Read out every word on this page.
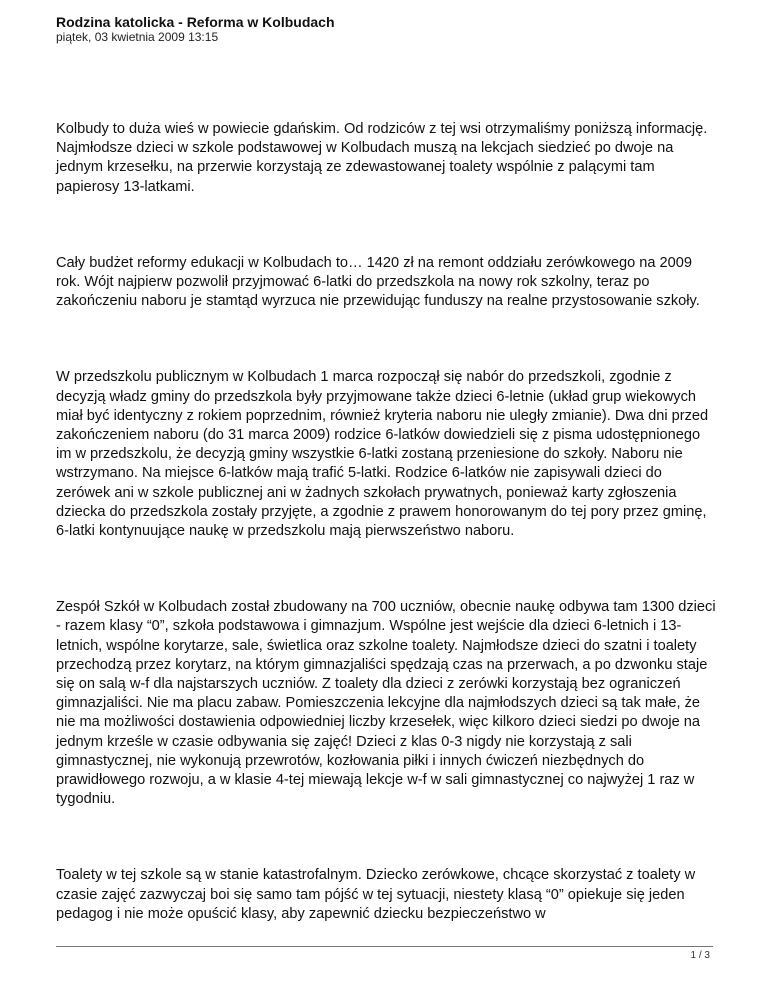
Rodzina katolicka - Reforma w Kolbudach

piątek, 03 kwietnia 2009 13:15

Kolbudy to duża wieś w powiecie gdańskim. Od rodziców z tej wsi otrzymaliśmy poniższą informację. Najmłodsze dzieci w szkole podstawowej w Kolbudach muszą na lekcjach siedzieć po dwoje na jednym krzesełku, na przerwie korzystają ze zdewastowanej toalety wspólnie z palącymi tam papierosy 13-latkami.

Cały budżet reformy edukacji w Kolbudach to… 1420 zł na remont oddziału zerówkowego na 2009 rok. Wójt najpierw pozwolił przyjmować 6-latki do przedszkola na nowy rok szkolny, teraz po zakończeniu naboru je stamtąd wyrzuca nie przewidując funduszy na realne przystosowanie szkoły.

W przedszkolu publicznym w Kolbudach 1 marca rozpoczął się nabór do przedszkoli, zgodnie z decyzją władz gminy do przedszkola były przyjmowane także dzieci 6-letnie (układ grup wiekowych miał być identyczny z rokiem poprzednim, również kryteria naboru nie uległy zmianie). Dwa dni przed zakończeniem naboru (do 31 marca 2009) rodzice 6-latków dowiedzieli się z pisma udostępnionego im w przedszkolu, że decyzją gminy wszystkie 6-latki zostaną przeniesione do szkoły. Naboru nie wstrzymano. Na miejsce 6-latków mają trafić 5-latki. Rodzice 6-latków nie zapisywali dzieci do zerówek ani w szkole publicznej ani w żadnych szkołach prywatnych, ponieważ karty zgłoszenia dziecka do przedszkola zostały przyjęte, a zgodnie z prawem honorowanym do tej pory przez gminę, 6-latki kontynuujące naukę w przedszkolu mają pierwszeństwo naboru.

Zespół Szkół w Kolbudach został zbudowany na 700 uczniów, obecnie naukę odbywa tam 1300 dzieci - razem klasy “0”, szkoła podstawowa i gimnazjum. Wspólne jest wejście dla dzieci 6-letnich i 13-letnich, wspólne korytarze, sale, świetlica oraz szkolne toalety. Najmłodsze dzieci do szatni i toalety przechodzą przez korytarz, na którym gimnazjaliści spędzają czas na przerwach, a po dzwonku staje się on salą w-f dla najstarszych uczniów. Z toalety dla dzieci z zerówki korzystają bez ograniczeń gimnazjaliści. Nie ma placu zabaw. Pomieszczenia lekcyjne dla najmłodszych dzieci są tak małe, że nie ma możliwości dostawienia odpowiedniej liczby krzesełek, więc kilkoro dzieci siedzi po dwoje na jednym krześle w czasie odbywania się zajęć! Dzieci z klas 0-3 nigdy nie korzystają z sali gimnastycznej, nie wykonują przewrotów, kozłowania piłki i innych ćwiczeń niezbędnych do prawidłowego rozwoju, a w klasie 4-tej miewają lekcje w-f w sali gimnastycznej co najwyżej 1 raz w tygodniu.

Toalety w tej szkole są w stanie katastrofalnym. Dziecko zerówkowe, chcące skorzystać z toalety w czasie zajęć zazwyczaj boi się samo tam pójść w tej sytuacji, niestety klasą “0” opiekuje się jeden pedagog i nie może opuścić klasy, aby zapewnić dziecku bezpieczeństwo w

1 / 3
